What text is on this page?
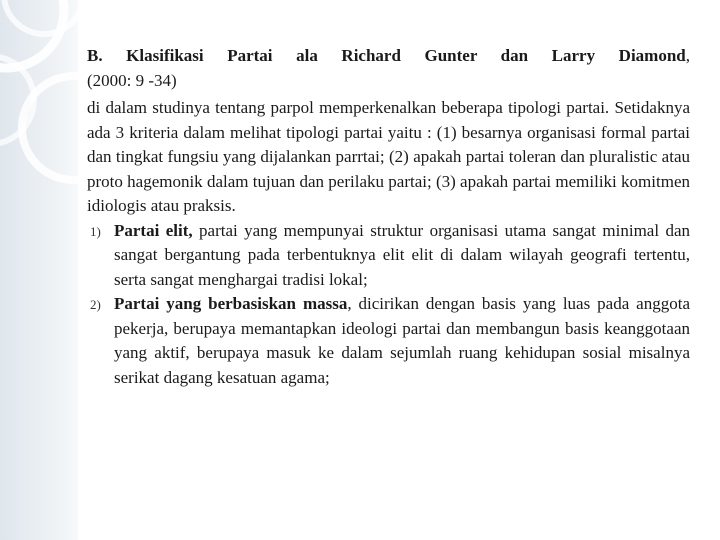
B. Klasifikasi Partai ala Richard Gunter dan Larry Diamond,
(2000: 9 -34)
di dalam studinya tentang parpol memperkenalkan beberapa tipologi partai. Setidaknya ada 3 kriteria dalam melihat tipologi partai yaitu : (1) besarnya organisasi formal partai dan tingkat fungsiu yang dijalankan parrtai; (2) apakah partai toleran dan pluralistic atau proto hagemonik dalam tujuan dan perilaku partai; (3) apakah partai memiliki komitmen idiologis atau praksis.
1) Partai elit, partai yang mempunyai struktur organisasi utama sangat minimal dan sangat bergantung pada terbentuknya elit elit di dalam wilayah geografi tertentu, serta sangat menghargai tradisi lokal;
2) Partai yang berbasiskan massa, dicirikan dengan basis yang luas pada anggota pekerja, berupaya memantapkan ideologi partai dan membangun basis keanggotaan yang aktif, berupaya masuk ke dalam sejumlah ruang kehidupan sosial misalnya serikat dagang kesatuan agama;
